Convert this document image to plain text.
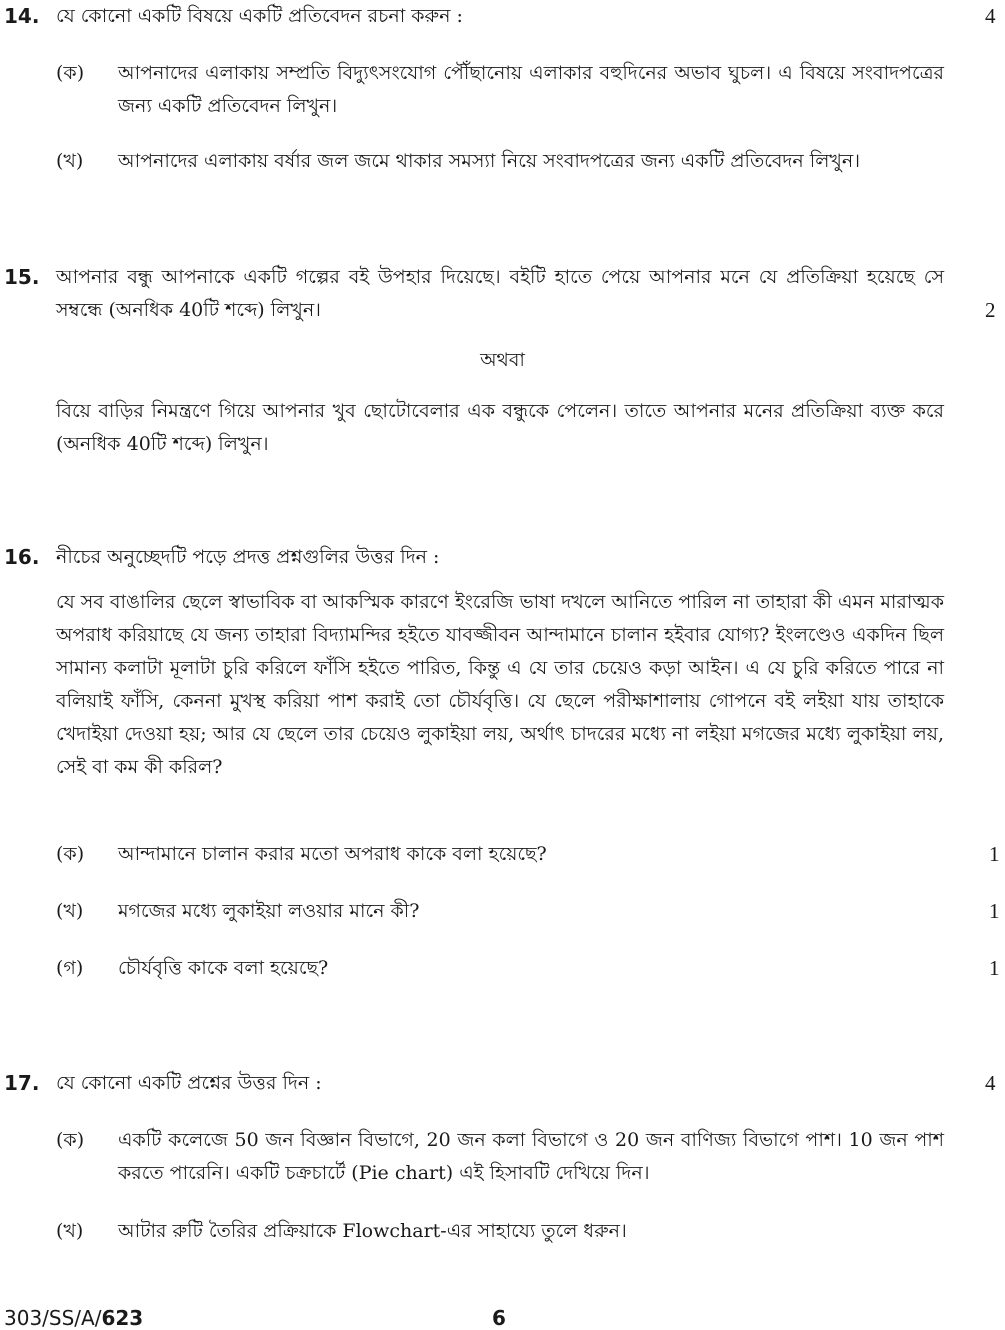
14. যে কোনো একটি বিষয়ে একটি প্রতিবেদন রচনা করুন :	4
(ক) আপনাদের এলাকায় সম্প্রতি বিদ্যুৎসংযোগ পৌঁছানোয় এলাকার বহুদিনের অভাব ঘুচল। এ বিষয়ে সংবাদপত্রের জন্য একটি প্রতিবেদন লিখুন।
(খ) আপনাদের এলাকায় বর্ষার জল জমে থাকার সমস্যা নিয়ে সংবাদপত্রের জন্য একটি প্রতিবেদন লিখুন।
15. আপনার বন্ধু আপনাকে একটি গল্পের বই উপহার দিয়েছে। বইটি হাতে পেয়ে আপনার মনে যে প্রতিক্রিয়া হয়েছে সে সম্বন্ধে (অনধিক 40টি শব্দে) লিখুন।	2
অথবা
বিয়ে বাড়ির নিমন্ত্রণে গিয়ে আপনার খুব ছোটোবেলার এক বন্ধুকে পেলেন। তাতে আপনার মনের প্রতিক্রিয়া ব্যক্ত করে (অনধিক 40টি শব্দে) লিখুন।
16. নীচের অনুচ্ছেদটি পড়ে প্রদত্ত প্রশ্নগুলির উত্তর দিন :
যে সব বাঙালির ছেলে স্বাভাবিক বা আকস্মিক কারণে ইংরেজি ভাষা দখলে আনিতে পারিল না তাহারা কী এমন মারাত্মক অপরাধ করিয়াছে যে জন্য তাহারা বিদ্যামন্দির হইতে যাবজ্জীবন আন্দামানে চালান হইবার যোগ্য? ইংলণ্ডেও একদিন ছিল সামান্য কলাটা মূলাটা চুরি করিলে ফাঁসি হইতে পারিত, কিন্তু এ যে তার চেয়েও কড়া আইন। এ যে চুরি করিতে পারে না বলিয়াই ফাঁসি, কেননা মুখস্থ করিয়া পাশ করাই তো চৌর্যবৃত্তি। যে ছেলে পরীক্ষাশালায় গোপনে বই লইয়া যায় তাহাকে খেদাইয়া দেওয়া হয়; আর যে ছেলে তার চেয়েও লুকাইয়া লয়, অর্থাৎ চাদরের মধ্যে না লইয়া মগজের মধ্যে লুকাইয়া লয়, সেই বা কম কী করিল?
(ক) আন্দামানে চালান করার মতো অপরাধ কাকে বলা হয়েছে?	1
(খ) মগজের মধ্যে লুকাইয়া লওয়ার মানে কী?	1
(গ) চৌর্যবৃত্তি কাকে বলা হয়েছে?	1
17. যে কোনো একটি প্রশ্নের উত্তর দিন :	4
(ক) একটি কলেজে 50 জন বিজ্ঞান বিভাগে, 20 জন কলা বিভাগে ও 20 জন বাণিজ্য বিভাগে পাশ। 10 জন পাশ করতে পারেনি। একটি চক্রচার্টে (Pie chart) এই হিসাবটি দেখিয়ে দিন।
(খ) আটার রুটি তৈরির প্রক্রিয়াকে Flowchart-এর সাহায্যে তুলে ধরুন।
303/SS/A/623	6
